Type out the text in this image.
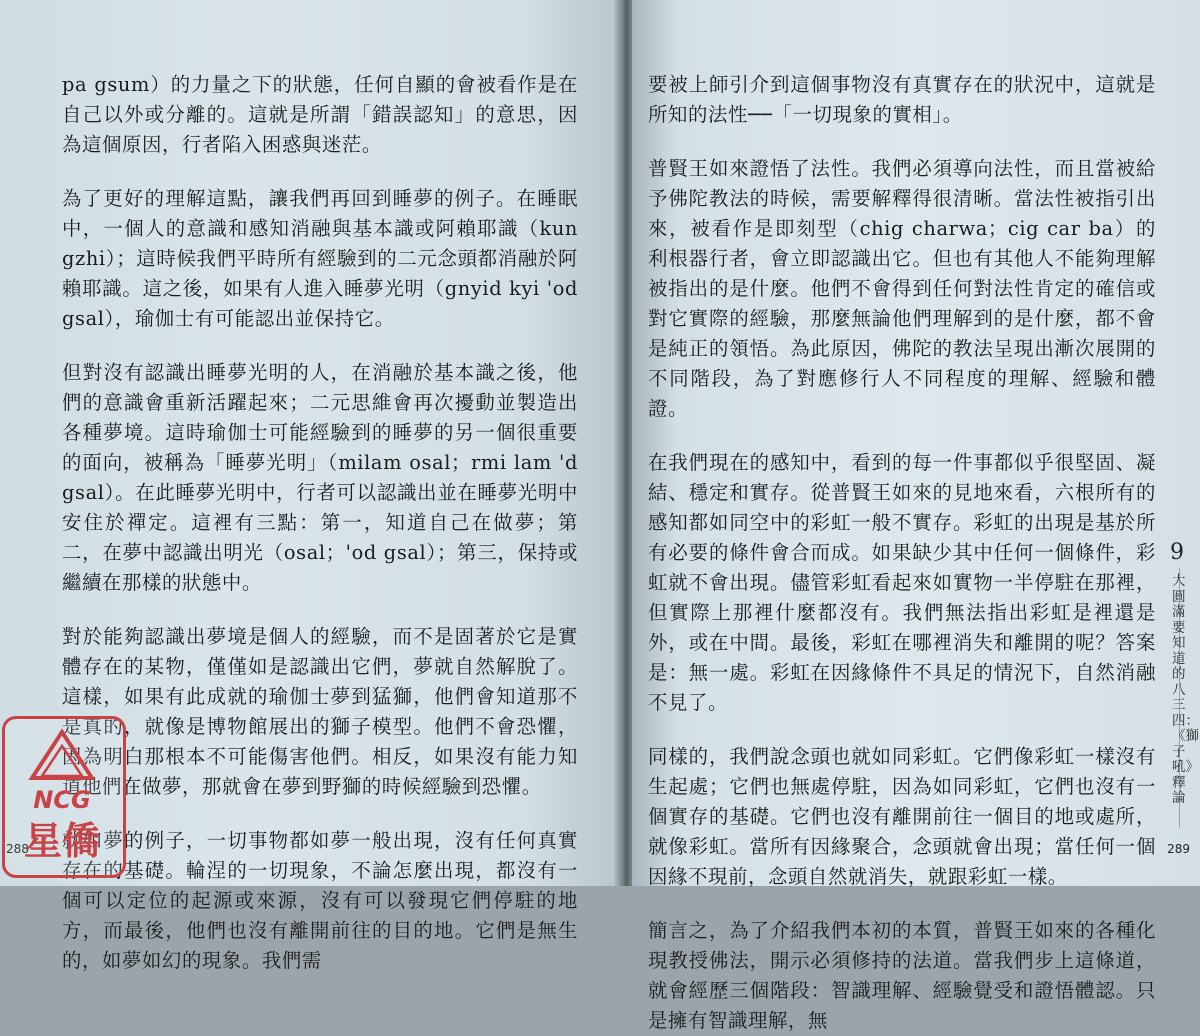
pa gsum）的力量之下的狀態，任何自顯的會被看作是在自己以外或分離的。這就是所謂「錯誤認知」的意思，因為這個原因，行者陷入困惑與迷茫。

為了更好的理解這點，讓我們再回到睡夢的例子。在睡眠中，一個人的意識和感知消融與基本識或阿賴耶識（kun gzhi）；這時候我們平時所有經驗到的二元念頭都消融於阿賴耶識。這之後，如果有人進入睡夢光明（gnyid kyi 'od gsal），瑜伽士有可能認出並保持它。

但對沒有認識出睡夢光明的人，在消融於基本識之後，他們的意識會重新活躍起來；二元思維會再次擾動並製造出各種夢境。這時瑜伽士可能經驗到的睡夢的另一個很重要的面向，被稱為「睡夢光明」（milam osal；rmi lam 'd gsal）。在此睡夢光明中，行者可以認識出並在睡夢光明中安住於禪定。這裡有三點：第一，知道自己在做夢；第二，在夢中認識出明光（osal；'od gsal）；第三，保持或繼續在那樣的狀態中。

對於能夠認識出夢境是個人的經驗，而不是固著於它是實體存在的某物，僅僅如是認識出它們，夢就自然解脫了。這樣，如果有此成就的瑜伽士夢到猛獅，他們會知道那不是真的，就像是博物館展出的獅子模型。他們不會恐懼，因為明白那根本不可能傷害他們。相反，如果沒有能力知道他們在做夢，那就會在夢到野獅的時候經驗到恐懼。

就如夢的例子，一切事物都如夢一般出現，沒有任何真實存在的基礎。輪涅的一切現象，不論怎麼出現，都沒有一個可以定位的起源或來源，沒有可以發現它們停駐的地方，而最後，他們也沒有離開前往的目的地。它們是無生的，如夢如幻的現象。我們需

288

要被上師引介到這個事物沒有真實存在的狀況中，這就是所知的法性──「一切現象的實相」。

普賢王如來證悟了法性。我們必須導向法性，而且當被給予佛陀教法的時候，需要解釋得很清晰。當法性被指引出來，被看作是即刻型（chig charwa；cig car ba）的利根器行者，會立即認識出它。但也有其他人不能夠理解被指出的是什麼。他們不會得到任何對法性肯定的確信或對它實際的經驗，那麼無論他們理解到的是什麼，都不會是純正的領悟。為此原因，佛陀的教法呈現出漸次展開的不同階段，為了對應修行人不同程度的理解、經驗和體證。

在我們現在的感知中，看到的每一件事都似乎很堅固、凝結、穩定和實存。從普賢王如來的見地來看，六根所有的感知都如同空中的彩虹一般不實存。彩虹的出現是基於所有必要的條件會合而成。如果缺少其中任何一個條件，彩虹就不會出現。儘管彩虹看起來如實物一半停駐在那裡，但實際上那裡什麼都沒有。我們無法指出彩虹是裡還是外，或在中間。最後，彩虹在哪裡消失和離開的呢？答案是：無一處。彩虹在因緣條件不具足的情況下，自然消融不見了。

同樣的，我們說念頭也就如同彩虹。它們像彩虹一樣沒有生起處；它們也無處停駐，因為如同彩虹，它們也沒有一個實存的基礎。它們也沒有離開前往一個目的地或處所，就像彩虹。當所有因緣聚合，念頭就會出現；當任何一個因緣不現前，念頭自然就消失，就跟彩虹一樣。

簡言之，為了介紹我們本初的本質，普賢王如來的各種化現教授佛法，開示必須修持的法道。當我們步上這條道，就會經歷三個階段：智識理解、經驗覺受和證悟體認。只是擁有智識理解，無

289
9
大圓滿要知道的八三四：《獅子吼》釋論
NCG
星僑
